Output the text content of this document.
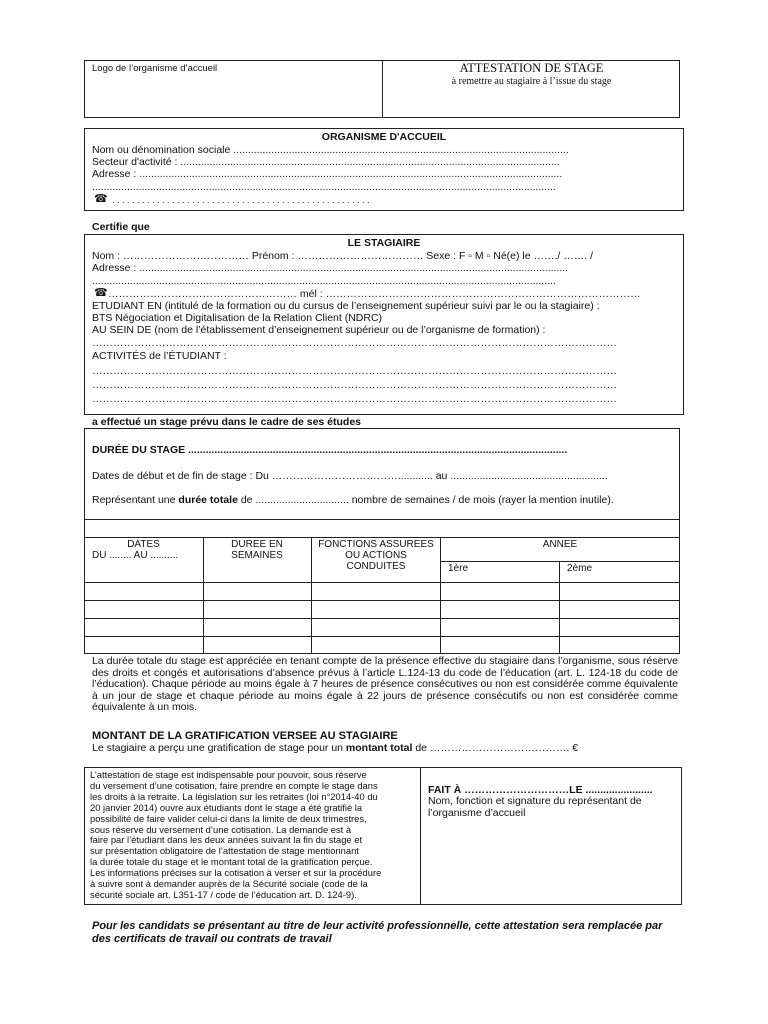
Logo de l’organisme d’accueil	ATTESTATION DE STAGE
à remettre au stagiaire à l’issue du stage
ORGANISME D'ACCUEIL
Nom ou dénomination sociale ...................................................................................................................
Secteur d'activité : ..................................................................................................................................
Adresse : .................................................................................................................................................
...............................................................................................................................................................
☎ . . . . . . . . . . . . . . . . . . . . . . . . . . . . . . . . . . . . . . . . . . . . . . . . . . . .
Certifie que
LE STAGIAIRE
Nom : ……………………………… Prénom : ……………………………… Sexe : F ▫ M ▫ Né(e) le ……./ ……. /
Adresse : ...................................................................................................................................................
...............................................................................................................................................................
☎ ……………………………………………… mél : ………………………………………………………………………………
ETUDIANT EN (intitulé de la formation ou du cursus de l’enseignement supérieur suivi par le ou la stagiaire) :
BTS Négociation et Digitalisation de la Relation Client (NDRC)
AU SEIN DE (nom de l’établissement d’enseignement supérieur ou de l’organisme de formation) :
……………………………………………………………………………………………………………………………………
ACTIVITÉS de l’ÉTUDIANT :
……………………………………………………………………………………………………………………………………
……………………………………………………………………………………………………………………………………
……………………………………………………………………………………………………………………………………
a effectué un stage prévu dans le cadre de ses études
DURÉE DU STAGE ..................................................................................................................................
Dates de début et de fin de stage : Du ………………………………............ au ......................................................
Représentant une durée totale de ................................ nombre de semaines / de mois (rayer la mention inutile).
DATES
DU ........ AU ..........
DUREE EN SEMAINES
FONCTIONS ASSUREES OU ACTIONS CONDUITES
ANNEE
1ère	2ème
La durée totale du stage est appréciée en tenant compte de la présence effective du stagiaire dans l’organisme, sous réserve des droits et congés et autorisations d’absence prévus à l’article L.124-13 du code de l’éducation (art. L. 124-18 du code de l’éducation). Chaque période au moins égale à 7 heures de présence consécutives ou non est considérée comme équivalente à un jour de stage et chaque période au moins égale à 22 jours de présence consécutifs ou non est considérée comme équivalente à un mois.
MONTANT DE LA GRATIFICATION VERSEE AU STAGIAIRE
Le stagiaire a perçu une gratification de stage pour un montant total de …………………………………. €
L’attestation de stage est indispensable pour pouvoir, sous réserve
du versement d’une cotisation, faire prendre en compte le stage dans
les droits à la retraite. La législation sur les retraites (loi n°2014-40 du
20 janvier 2014) ouvre aux étudiants dont le stage a été gratifié la
possibilité de faire valider celui-ci dans la limite de deux trimestres,
sous réserve du versement d’une cotisation. La demande est à
faire par l’étudiant dans les deux années suivant la fin du stage et
sur présentation obligatoire de l’attestation de stage mentionnant
la durée totale du stage et le montant total de la gratification perçue.
Les informations précises sur la cotisation à verser et sur la procédure
à suivre sont à demander auprès de la Sécurité sociale (code de la
sécurité sociale art. L351-17 / code de l’éducation art. D. 124-9).
FAIT À …………………………LE .......................
Nom, fonction et signature du représentant de l’organisme d’accueil
Pour les candidats se présentant au titre de leur activité professionnelle, cette attestation sera remplacée par des certificats de travail ou contrats de travail
